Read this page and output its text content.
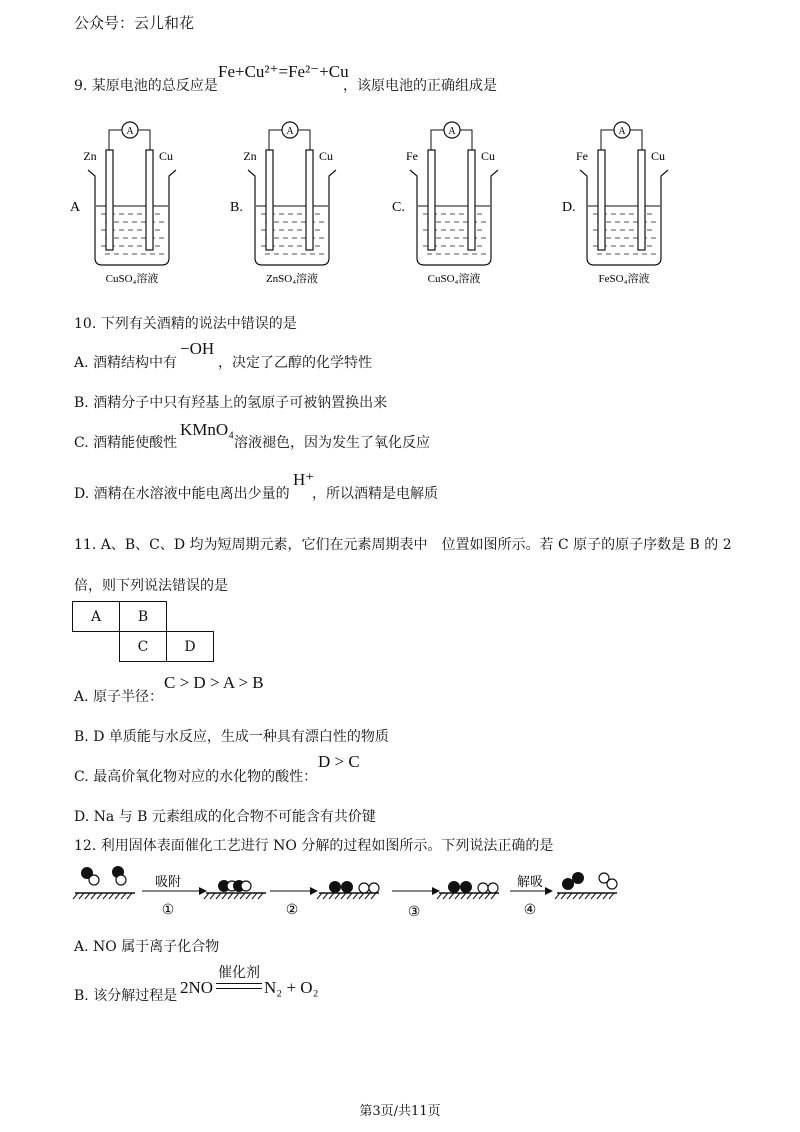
公众号：云儿和花
9. 某原电池的总反应是
Fe+Cu²⁺=Fe²⁻+Cu
，该原电池的正确组成是
A
A
Zn	Cu
CuSO₄溶液
B.
A
Zn	Cu
ZnSO₄溶液
C.
A
Fe	Cu
CuSO₄溶液
D.
A
Fe	Cu
FeSO₄溶液
10. 下列有关酒精的说法中错误的是
A. 酒精结构中有
−OH
，决定了乙醇的化学特性
B. 酒精分子中只有羟基上的氢原子可被钠置换出来
C. 酒精能使酸性
KMnO₄
溶液褪色，因为发生了氧化反应
D. 酒精在水溶液中能电离出少量的
H⁺
，所以酒精是电解质
11. A、B、C、D 均为短周期元素，它们在元素周期表中　位置如图所示。若 C 原子的原子序数是 B 的 2
倍，则下列说法错误的是
A	B	
	C	D
A. 原子半径：
C > D > A > B
B. D 单质能与水反应，生成一种具有漂白性的物质
C. 最高价氧化物对应的水化物的酸性：
D > C
D. Na 与 B 元素组成的化合物不可能含有共价键
12. 利用固体表面催化工艺进行 NO 分解的过程如图所示。下列说法正确的是
吸附
①	②	③
解吸
④
A. NO 属于离子化合物
B. 该分解过程是 2NO
催化剂
N₂ + O₂
第3页/共11页
